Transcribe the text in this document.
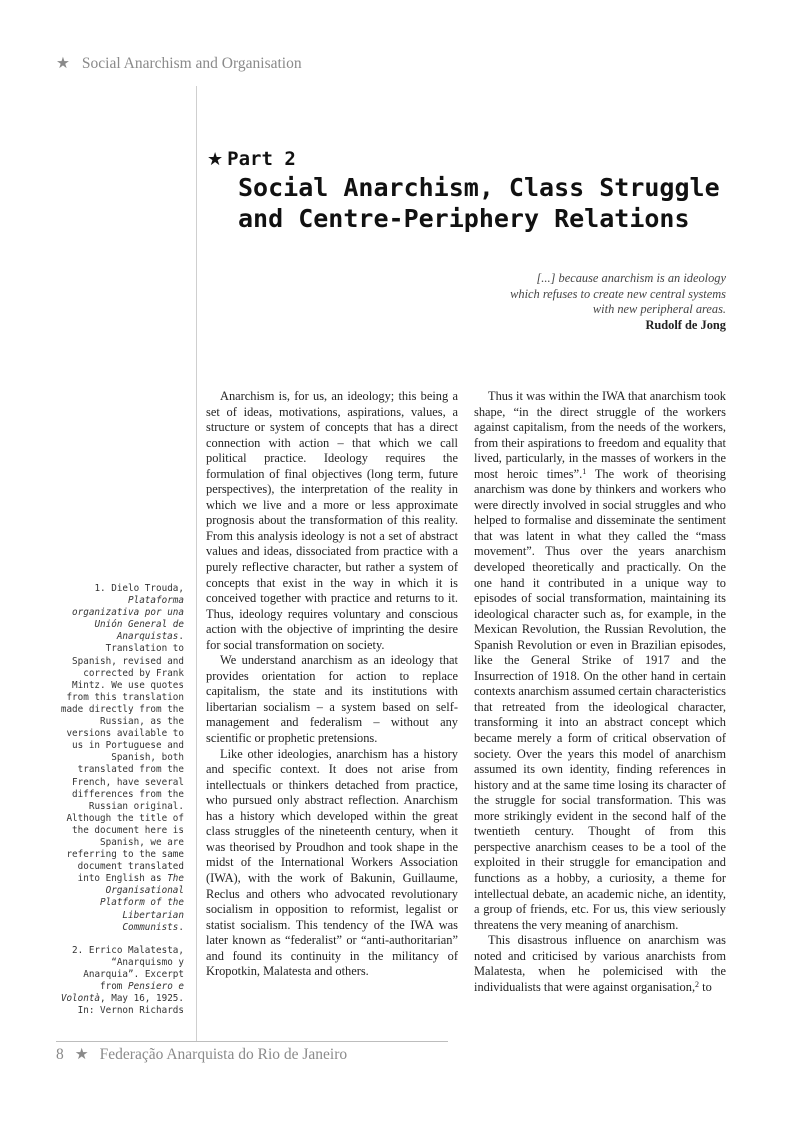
★ Social Anarchism and Organisation
★ Part 2
Social Anarchism, Class Struggle
and Centre-Periphery Relations
[...] because anarchism is an ideology
which refuses to create new central systems
with new peripheral areas.
Rudolf de Jong

Anarchism is, for us, an ideology; this being a set of ideas, motivations, aspirations, values, a structure or system of concepts that has a direct connection with action – that which we call political practice. Ideology requires the formulation of final objectives (long term, future perspectives), the interpretation of the reality in which we live and a more or less approximate prognosis about the transformation of this reality. From this analysis ideology is not a set of abstract values and ideas, dissociated from practice with a purely reflective character, but rather a system of concepts that exist in the way in which it is conceived together with practice and returns to it. Thus, ideology requires voluntary and conscious action with the objective of imprinting the desire for social transformation on society.

We understand anarchism as an ideology that provides orientation for action to replace capitalism, the state and its institutions with libertarian socialism – a system based on self-management and federalism – without any scientific or prophetic pretensions.

Like other ideologies, anarchism has a history and specific context. It does not arise from intellectuals or thinkers detached from practice, who pursued only abstract reflection. Anarchism has a history which developed within the great class struggles of the nineteenth century, when it was theorised by Proudhon and took shape in the midst of the International Workers Association (IWA), with the work of Bakunin, Guillaume, Reclus and others who advocated revolutionary socialism in opposition to reformist, legalist or statist socialism. This tendency of the IWA was later known as “federalist” or “anti-authoritarian” and found its continuity in the militancy of Kropotkin, Malatesta and others.

Thus it was within the IWA that anarchism took shape, “in the direct struggle of the workers against capitalism, from the needs of the workers, from their aspirations to freedom and equality that lived, particularly, in the masses of workers in the most heroic times”.$^1$ The work of theorising anarchism was done by thinkers and workers who were directly involved in social struggles and who helped to formalise and disseminate the sentiment that was latent in what they called the “mass movement”. Thus over the years anarchism developed theoretically and practically. On the one hand it contributed in a unique way to episodes of social transformation, maintaining its ideological character such as, for example, in the Mexican Revolution, the Russian Revolution, the Spanish Revolution or even in Brazilian episodes, like the General Strike of 1917 and the Insurrection of 1918. On the other hand in certain contexts anarchism assumed certain characteristics that retreated from the ideological character, transforming it into an abstract concept which became merely a form of critical observation of society. Over the years this model of anarchism assumed its own identity, finding references in history and at the same time losing its character of the struggle for social transformation. This was more strikingly evident in the second half of the twentieth century. Thought of from this perspective anarchism ceases to be a tool of the exploited in their struggle for emancipation and functions as a hobby, a curiosity, a theme for intellectual debate, an academic niche, an identity, a group of friends, etc. For us, this view seriously threatens the very meaning of anarchism.

This disastrous influence on anarchism was noted and criticised by various anarchists from Malatesta, when he polemicised with the individualists that were against organisation,$^2$ to

1. Dielo Trouda, Plataforma organizativa por una Unión General de Anarquistas. Translation to Spanish, revised and corrected by Frank Mintz. We use quotes from this translation made directly from the Russian, as the versions available to us in Portuguese and Spanish, both translated from the French, have several differences from the Russian original. Although the title of the document here is Spanish, we are referring to the same document translated into English as The Organisational Platform of the Libertarian Communists.

2. Errico Malatesta, “Anarquismo y Anarquia”. Excerpt from Pensiero e Volontà, May 16, 1925. In: Vernon Richards

8 ★ Federação Anarquista do Rio de Janeiro
